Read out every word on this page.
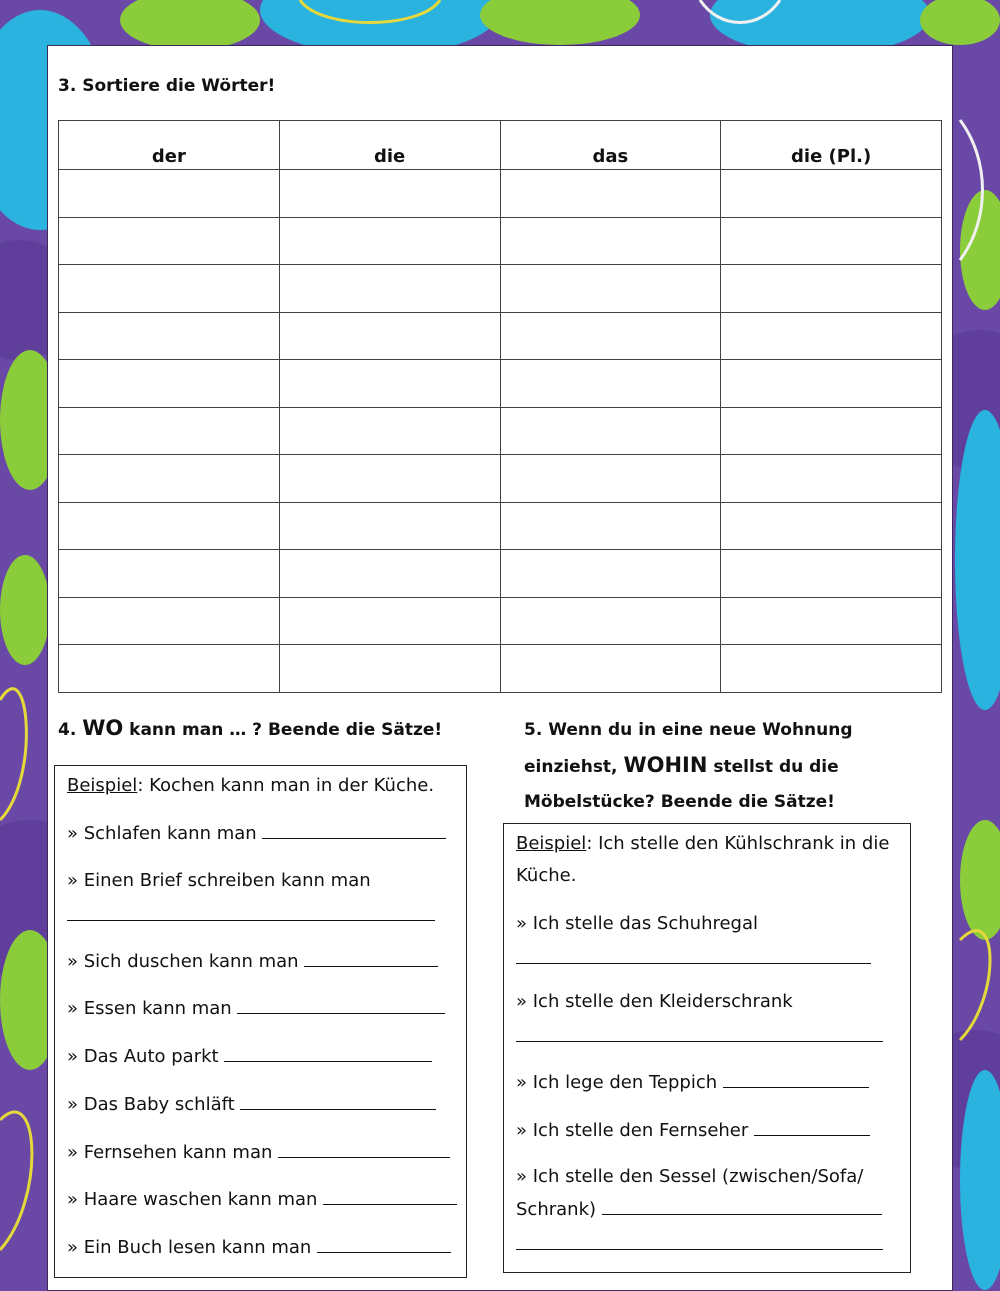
3. Sortiere die Wörter!
der	die	das	die (Pl.)

4. WO kann man … ? Beende die Sätze!
Beispiel: Kochen kann man in der Küche.
» Schlafen kann man
» Einen Brief schreiben kann man
» Sich duschen kann man
» Essen kann man
» Das Auto parkt
» Das Baby schläft
» Fernsehen kann man
» Haare waschen kann man
» Ein Buch lesen kann man
5. Wenn du in eine neue Wohnung
einziehst, WOHIN stellst du die
Möbelstücke? Beende die Sätze!
Beispiel: Ich stelle den Kühlschrank in die
Küche.
» Ich stelle das Schuhregal
» Ich stelle den Kleiderschrank
» Ich lege den Teppich
» Ich stelle den Fernseher
» Ich stelle den Sessel (zwischen/Sofa/
Schrank)
